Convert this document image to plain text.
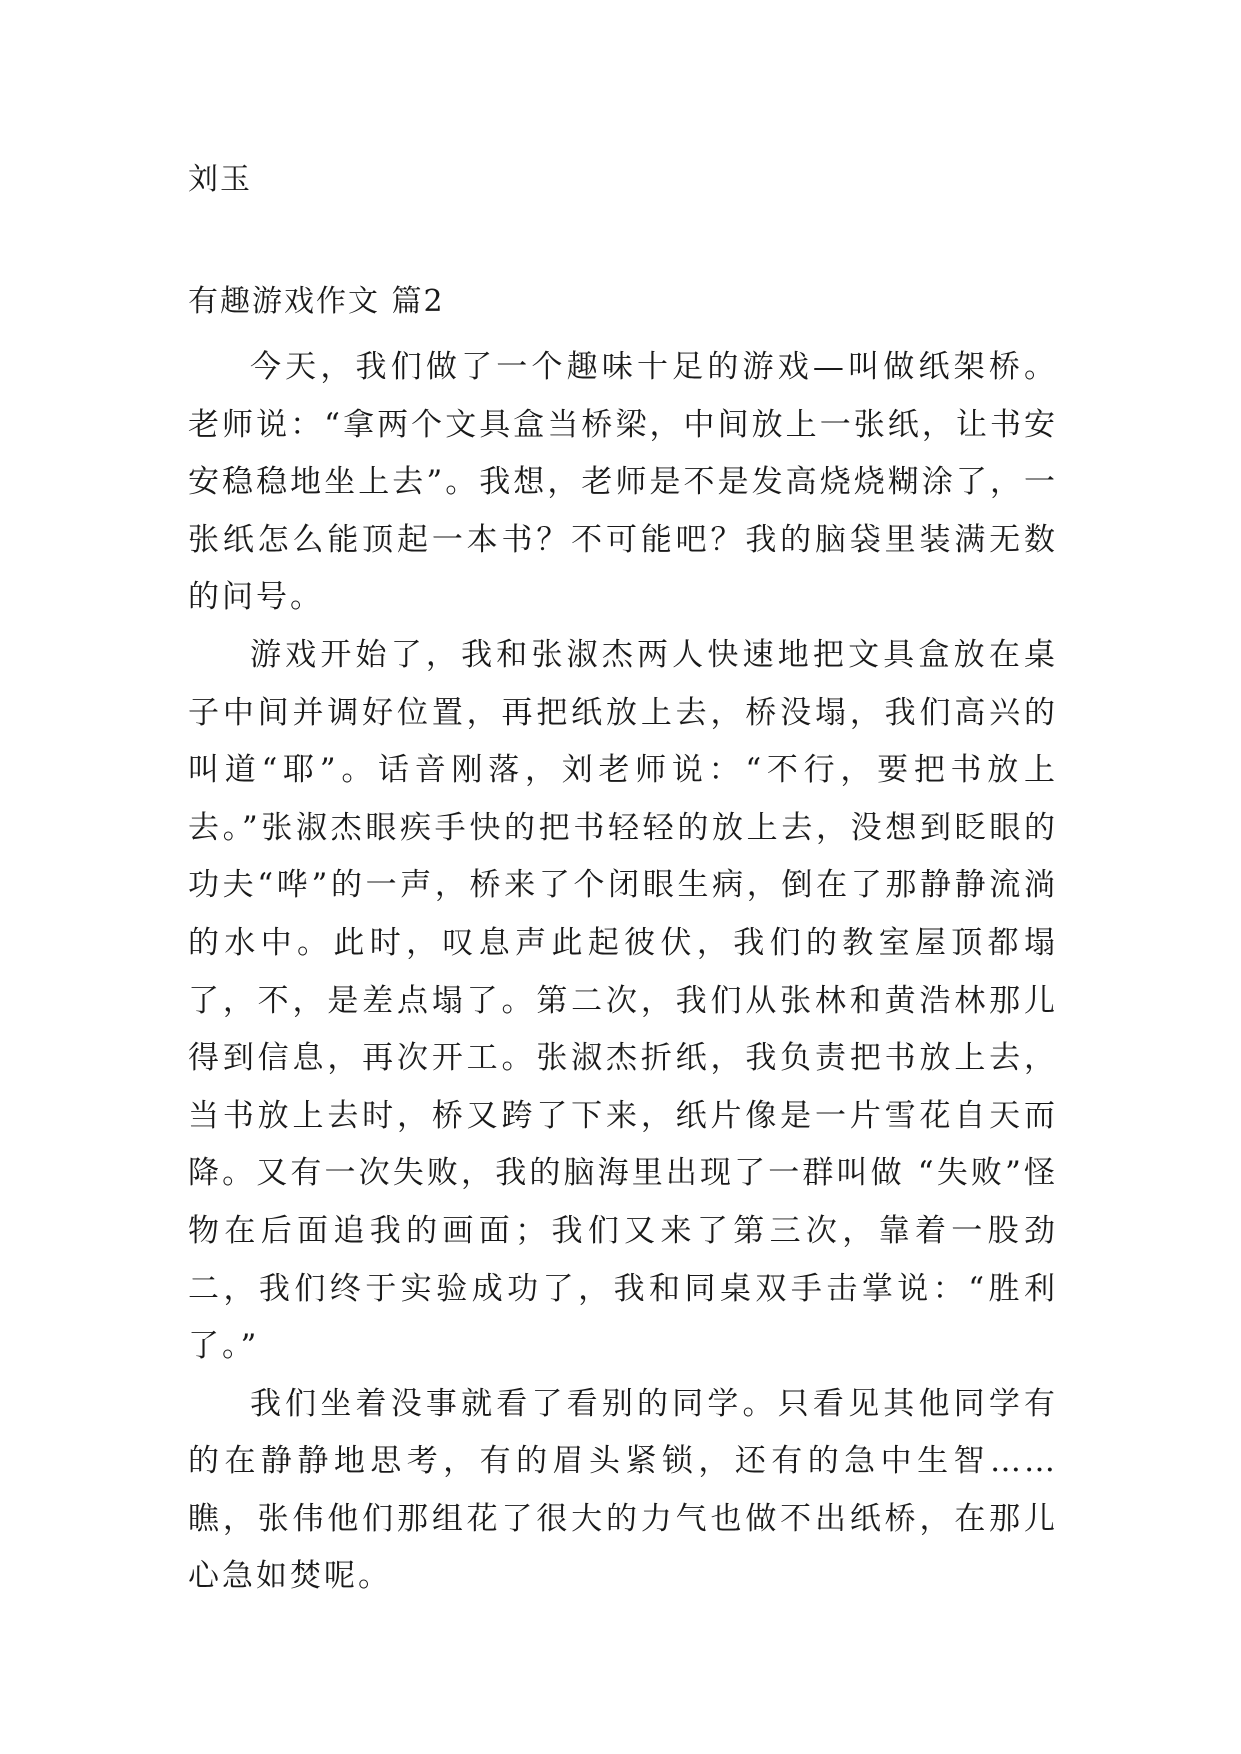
刘玉
有趣游戏作文 篇2

今天，我们做了一个趣味十足的游戏—叫做纸架桥。老师说：“拿两个文具盒当桥梁，中间放上一张纸，让书安安稳稳地坐上去”。我想，老师是不是发高烧烧糊涂了，一张纸怎么能顶起一本书？不可能吧？我的脑袋里装满无数的问号。

游戏开始了，我和张淑杰两人快速地把文具盒放在桌子中间并调好位置，再把纸放上去，桥没塌，我们高兴的叫道“耶”。话音刚落，刘老师说：“不行，要把书放上去。”张淑杰眼疾手快的把书轻轻的放上去，没想到眨眼的功夫“哗”的一声，桥来了个闭眼生病，倒在了那静静流淌的水中。此时，叹息声此起彼伏，我们的教室屋顶都塌了，不，是差点塌了。第二次，我们从张林和黄浩林那儿得到信息，再次开工。张淑杰折纸，我负责把书放上去，当书放上去时，桥又跨了下来，纸片像是一片雪花自天而降。又有一次失败，我的脑海里出现了一群叫做 “失败”怪物在后面追我的画面；我们又来了第三次，靠着一股劲二，我们终于实验成功了，我和同桌双手击掌说：“胜利了。”

我们坐着没事就看了看别的同学。只看见其他同学有的在静静地思考，有的眉头紧锁，还有的急中生智……瞧，张伟他们那组花了很大的力气也做不出纸桥，在那儿心急如焚呢。
